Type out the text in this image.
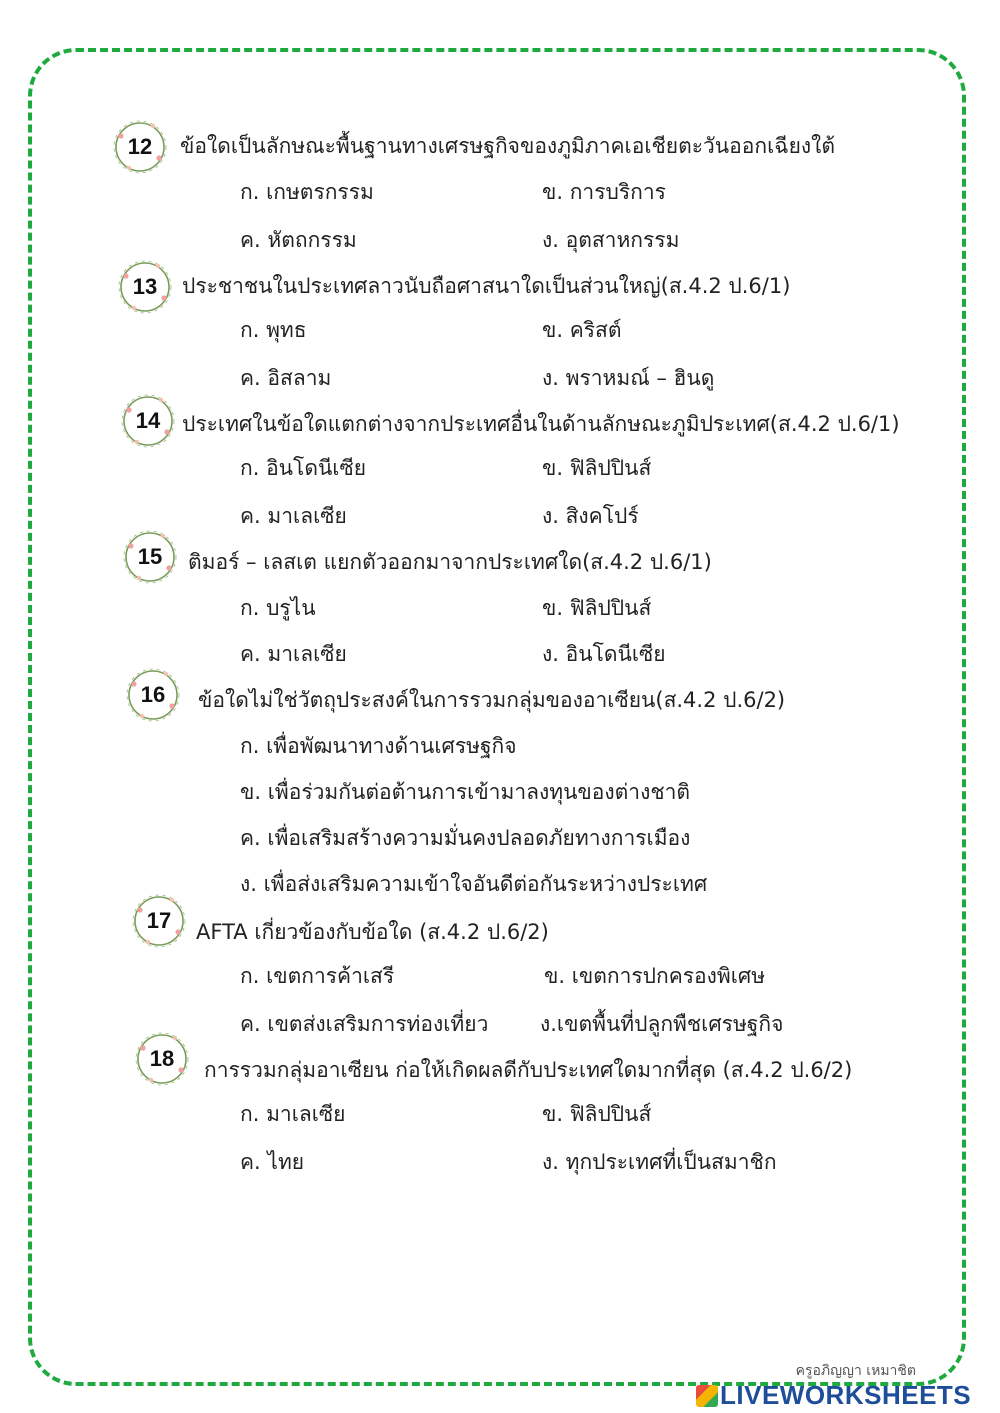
12	ข้อใดเป็นลักษณะพื้นฐานทางเศรษฐกิจของภูมิภาคเอเชียตะวันออกเฉียงใต้
ก. เกษตรกรรม	ข. การบริการ
ค. หัตถกรรม	ง. อุตสาหกรรม
13	ประชาชนในประเทศลาวนับถือศาสนาใดเป็นส่วนใหญ่(ส.4.2 ป.6/1)
ก. พุทธ	ข. คริสต์
ค. อิสลาม	ง. พราหมณ์ – ฮินดู
14	ประเทศในข้อใดแตกต่างจากประเทศอื่นในด้านลักษณะภูมิประเทศ(ส.4.2 ป.6/1)
ก. อินโดนีเซีย	ข. ฟิลิปปินส์
ค. มาเลเซีย	ง. สิงคโปร์
15	ติมอร์ – เลสเต แยกตัวออกมาจากประเทศใด(ส.4.2 ป.6/1)
ก. บรูไน	ข. ฟิลิปปินส์
ค. มาเลเซีย	ง. อินโดนีเซีย
16	ข้อใดไม่ใช่วัตถุประสงค์ในการรวมกลุ่มของอาเซียน(ส.4.2 ป.6/2)
ก. เพื่อพัฒนาทางด้านเศรษฐกิจ
ข. เพื่อร่วมกันต่อต้านการเข้ามาลงทุนของต่างชาติ
ค. เพื่อเสริมสร้างความมั่นคงปลอดภัยทางการเมือง
ง. เพื่อส่งเสริมความเข้าใจอันดีต่อกันระหว่างประเทศ
17	AFTA เกี่ยวข้องกับข้อใด (ส.4.2 ป.6/2)
ก. เขตการค้าเสรี	ข. เขตการปกครองพิเศษ
ค. เขตส่งเสริมการท่องเที่ยว ง.เขตพื้นที่ปลูกพืชเศรษฐกิจ
18	การรวมกลุ่มอาเซียน ก่อให้เกิดผลดีกับประเทศใดมากที่สุด (ส.4.2 ป.6/2)
ก. มาเลเซีย	ข. ฟิลิปปินส์
ค. ไทย	ง. ทุกประเทศที่เป็นสมาชิก
ครูอภิญญา เหมาชิต
LIVEWORKSHEETS
